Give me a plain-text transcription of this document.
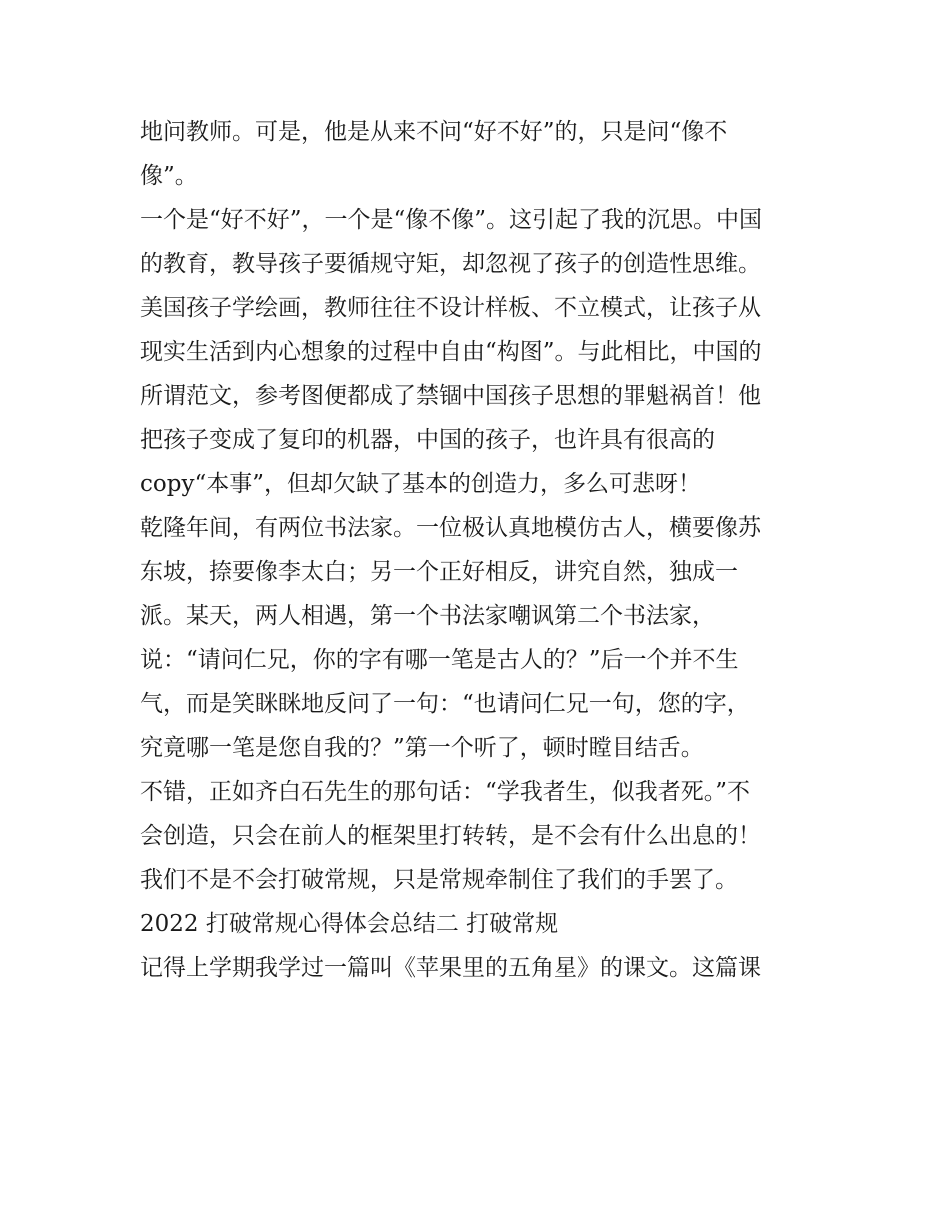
地问教师。可是，他是从来不问“好不好”的，只是问“像不
像”。

一个是“好不好”，一个是“像不像”。这引起了我的沉思。中国
的教育，教导孩子要循规守矩，却忽视了孩子的创造性思维。
美国孩子学绘画，教师往往不设计样板、不立模式，让孩子从
现实生活到内心想象的过程中自由“构图”。与此相比，中国的
所谓范文，参考图便都成了禁锢中国孩子思想的罪魁祸首！他
把孩子变成了复印的机器，中国的孩子，也许具有很高的
copy“本事”，但却欠缺了基本的创造力，多么可悲呀！

乾隆年间，有两位书法家。一位极认真地模仿古人，横要像苏
东坡，捺要像李太白；另一个正好相反，讲究自然，独成一
派。某天，两人相遇，第一个书法家嘲讽第二个书法家，
说：“请问仁兄，你的字有哪一笔是古人的？”后一个并不生
气，而是笑眯眯地反问了一句：“也请问仁兄一句，您的字，
究竟哪一笔是您自我的？”第一个听了，顿时瞠目结舌。

不错，正如齐白石先生的那句话：“学我者生，似我者死。”不
会创造，只会在前人的框架里打转转，是不会有什么出息的！
我们不是不会打破常规，只是常规牵制住了我们的手罢了。

2022 打破常规心得体会总结二 打破常规

记得上学期我学过一篇叫《苹果里的五角星》的课文。这篇课
